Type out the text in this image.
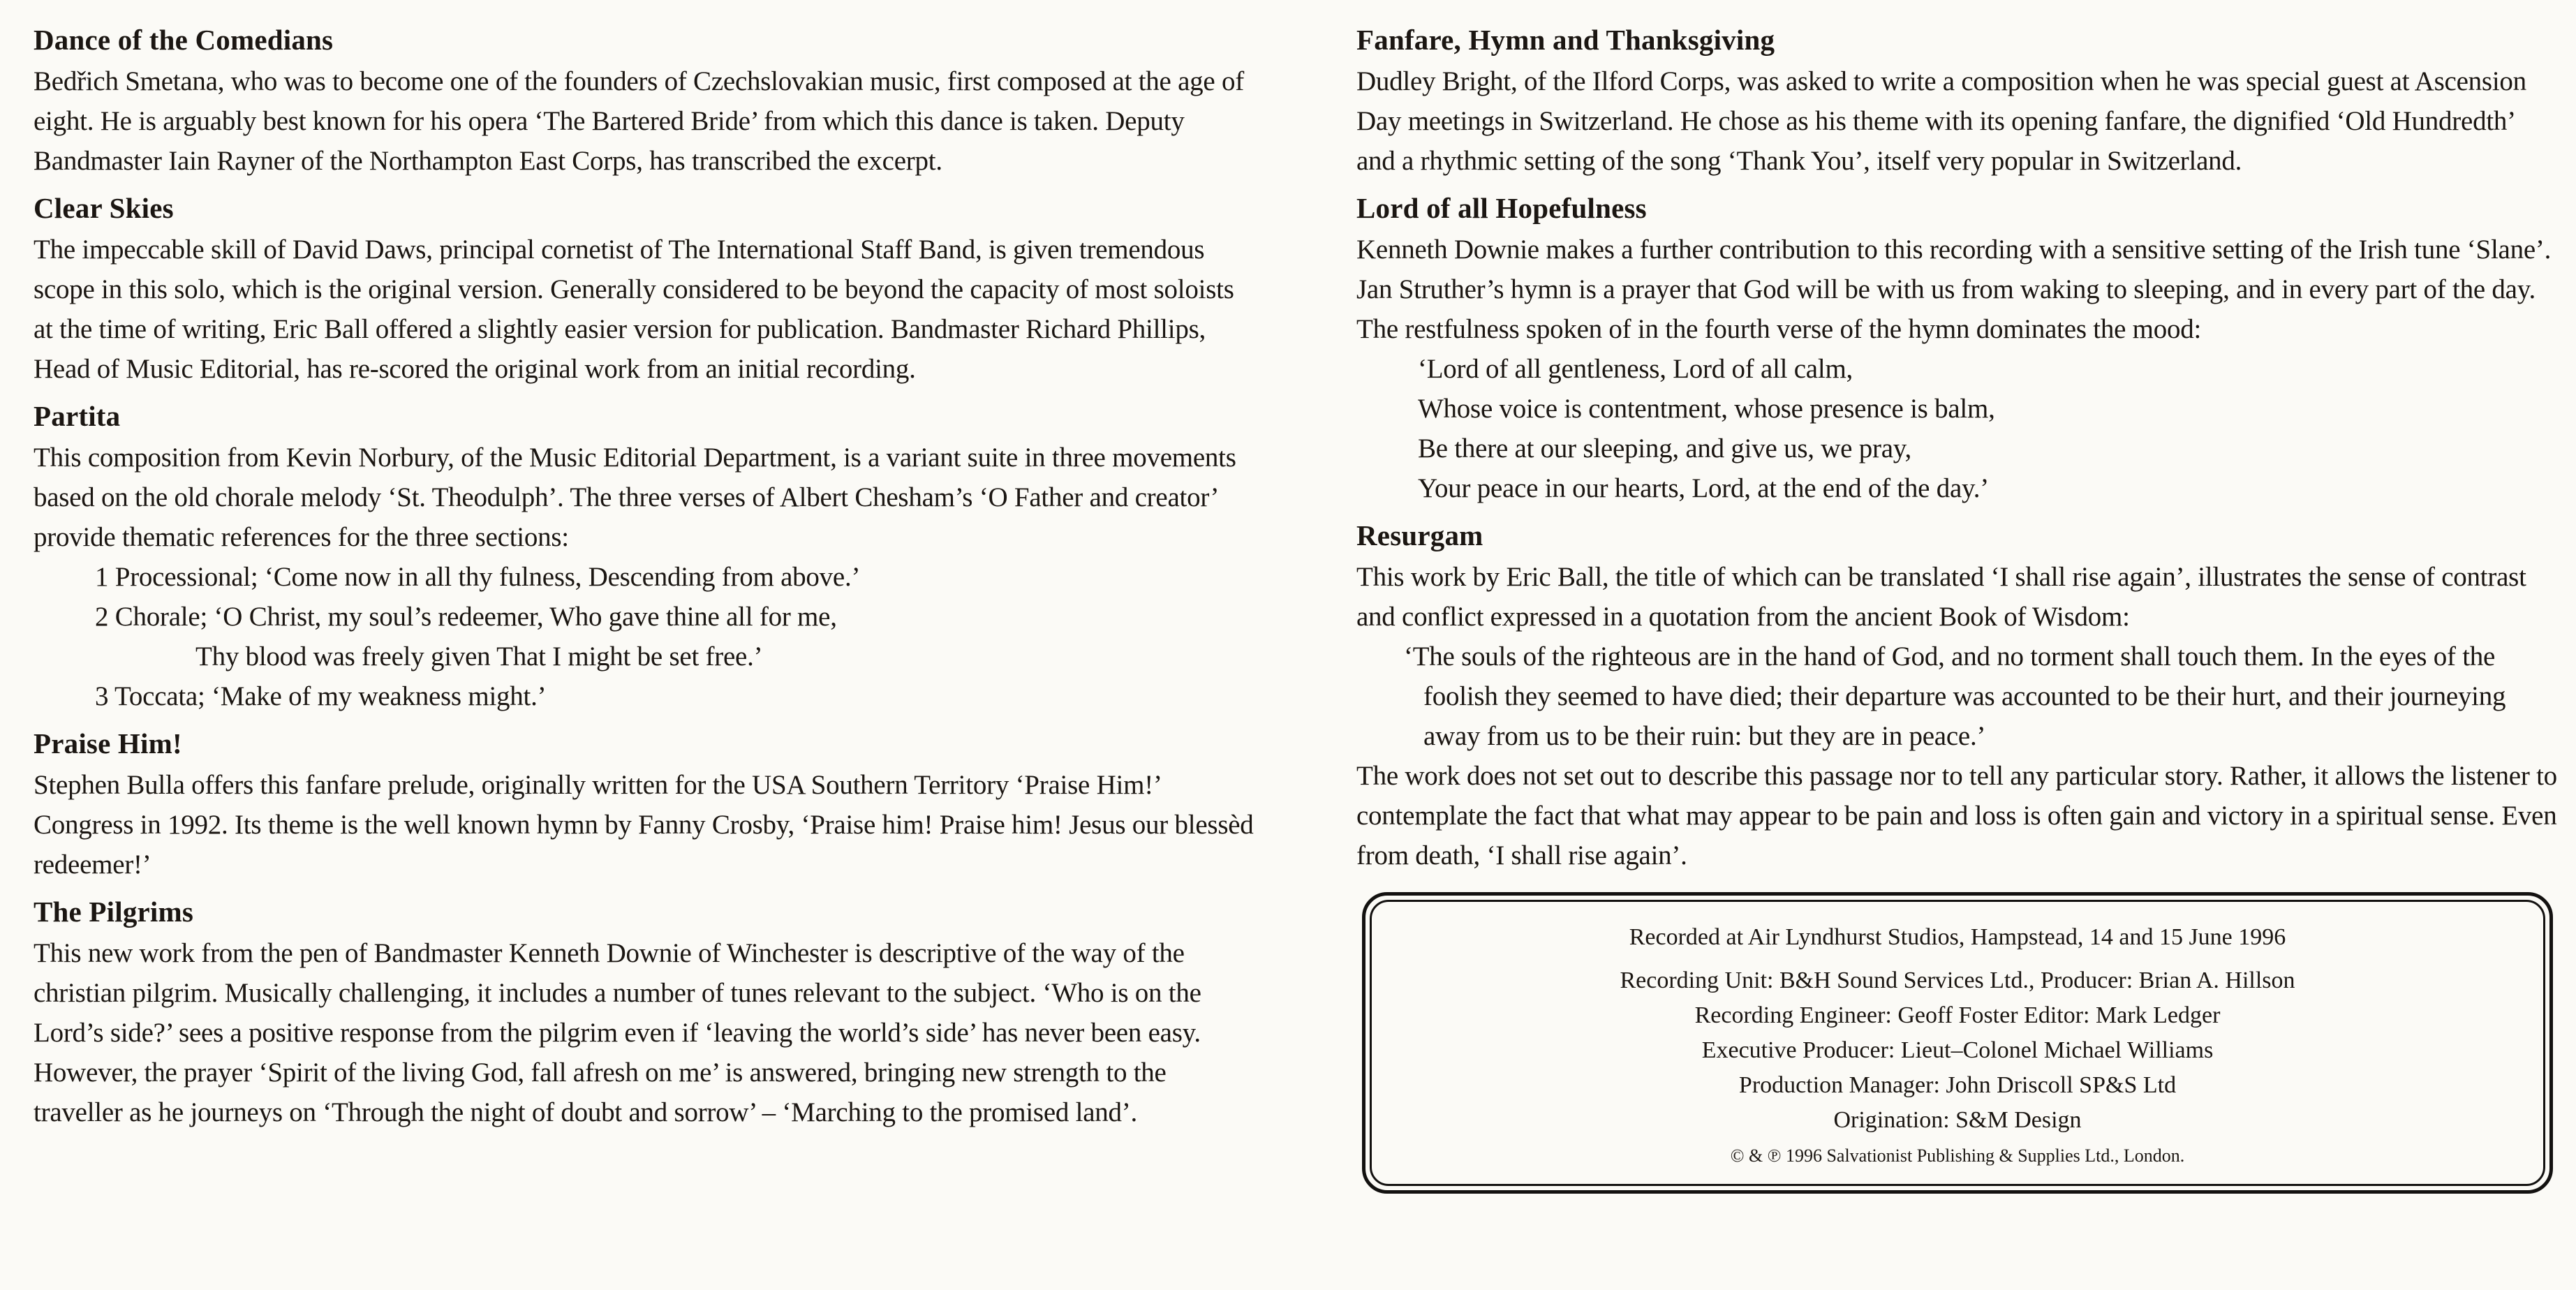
Dance of the Comedians

Bedřich Smetana, who was to become one of the founders of Czechslovakian music, first composed at the age of eight. He is arguably best known for his opera ‘The Bartered Bride’ from which this dance is taken. Deputy Bandmaster Iain Rayner of the Northampton East Corps, has transcribed the excerpt.

Clear Skies

The impeccable skill of David Daws, principal cornetist of The International Staff Band, is given tremendous scope in this solo, which is the original version. Generally considered to be beyond the capacity of most soloists at the time of writing, Eric Ball offered a slightly easier version for publication. Bandmaster Richard Phillips, Head of Music Editorial, has re-scored the original work from an initial recording.

Partita

This composition from Kevin Norbury, of the Music Editorial Department, is a variant suite in three movements based on the old chorale melody ‘St. Theodulph’. The three verses of Albert Chesham’s ‘O Father and creator’ provide thematic references for the three sections:

1 Processional; ‘Come now in all thy fulness, Descending from above.’
2 Chorale; ‘O Christ, my soul’s redeemer, Who gave thine all for me,
Thy blood was freely given That I might be set free.’
3 Toccata; ‘Make of my weakness might.’
Praise Him!

Stephen Bulla offers this fanfare prelude, originally written for the USA Southern Territory ‘Praise Him!’ Congress in 1992. Its theme is the well known hymn by Fanny Crosby, ‘Praise him! Praise him! Jesus our blessèd redeemer!’

The Pilgrims

This new work from the pen of Bandmaster Kenneth Downie of Winchester is descriptive of the way of the christian pilgrim. Musically challenging, it includes a number of tunes relevant to the subject. ‘Who is on the Lord’s side?’ sees a positive response from the pilgrim even if ‘leaving the world’s side’ has never been easy. However, the prayer ‘Spirit of the living God, fall afresh on me’ is answered, bringing new strength to the traveller as he journeys on ‘Through the night of doubt and sorrow’ – ‘Marching to the promised land’.

Fanfare, Hymn and Thanksgiving

Dudley Bright, of the Ilford Corps, was asked to write a composition when he was special guest at Ascension Day meetings in Switzerland. He chose as his theme with its opening fanfare, the dignified ‘Old Hundredth’ and a rhythmic setting of the song ‘Thank You’, itself very popular in Switzerland.

Lord of all Hopefulness

Kenneth Downie makes a further contribution to this recording with a sensitive setting of the Irish tune ‘Slane’. Jan Struther’s hymn is a prayer that God will be with us from waking to sleeping, and in every part of the day. The restfulness spoken of in the fourth verse of the hymn dominates the mood:

‘Lord of all gentleness, Lord of all calm,
Whose voice is contentment, whose presence is balm,
Be there at our sleeping, and give us, we pray,
Your peace in our hearts, Lord, at the end of the day.’
Resurgam

This work by Eric Ball, the title of which can be translated ‘I shall rise again’, illustrates the sense of contrast and conflict expressed in a quotation from the ancient Book of Wisdom:

‘The souls of the righteous are in the hand of God, and no torment shall touch them. In the eyes of the foolish they seemed to have died; their departure was accounted to be their hurt, and their journeying away from us to be their ruin: but they are in peace.’

The work does not set out to describe this passage nor to tell any particular story. Rather, it allows the listener to contemplate the fact that what may appear to be pain and loss is often gain and victory in a spiritual sense. Even from death, ‘I shall rise again’.

Recorded at Air Lyndhurst Studios, Hampstead, 14 and 15 June 1996
Recording Unit: B&H Sound Services Ltd., Producer: Brian A. Hillson
Recording Engineer: Geoff Foster Editor: Mark Ledger
Executive Producer: Lieut–Colonel Michael Williams
Production Manager: John Driscoll SP&S Ltd
Origination: S&M Design
© & ℗ 1996 Salvationist Publishing & Supplies Ltd., London.
